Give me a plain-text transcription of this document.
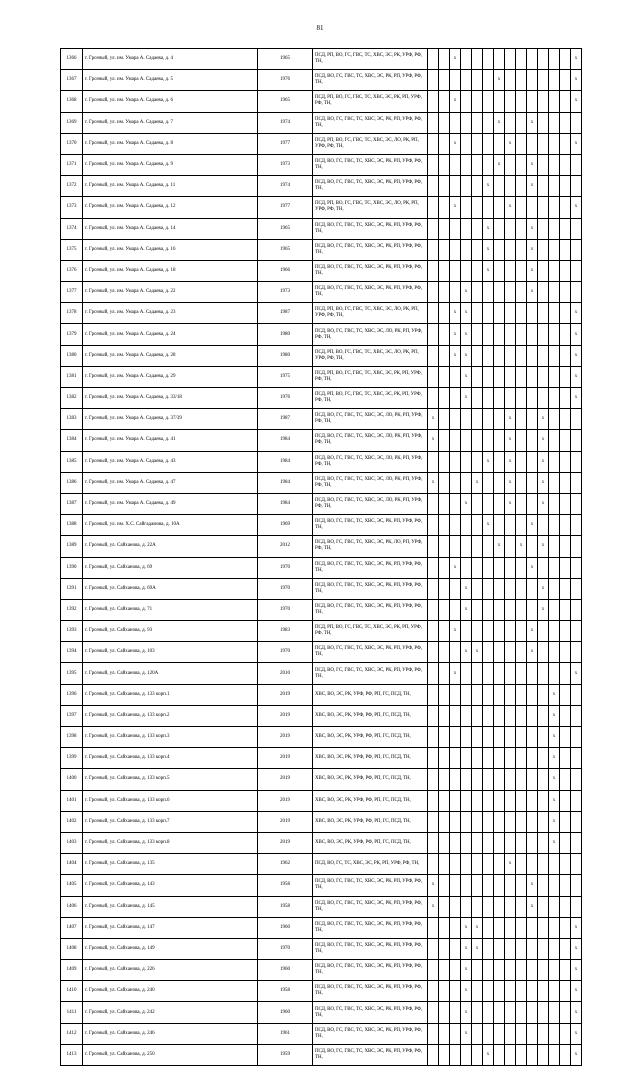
81
1366	г. Грозный, ул. им. Умара А. Садаева, д. 4	1965	ПСД, РП, ВО, ГС, ГВС, ТС, ХВС, ЭС, РК, УРФ, РФ, ТН,			x											x
1367	г. Грозный, ул. им. Умара А. Садаева, д. 5	1976	ПСД, ВО, ГС, ГВС, ТС, ХВС, ЭС, РК, РП, УРФ, РФ, ТН,							x							x
1368	г. Грозный, ул. им. Умара А. Садаева, д. 6	1965	ПСД, РП, ВО, ГС, ГВС, ТС, ХВС, ЭС, РК, РП, УРФ, РФ, ТН,			x											x
1369	г. Грозный, ул. им. Умара А. Садаева, д. 7	1974	ПСД, ВО, ГС, ГВС, ТС, ХВС, ЭС, РК, РП, УРФ, РФ, ТН,							x			x				
1370	г. Грозный, ул. им. Умара А. Садаева, д. 8	1977	ПСД, РП, ВО, ГС, ГВС, ТС, ХВС, ЭС, ЛО, РК, РП, УРФ, РФ, ТН,			x					x						x
1371	г. Грозный, ул. им. Умара А. Садаева, д. 9	1973	ПСД, ВО, ГС, ГВС, ТС, ХВС, ЭС, РК, РП, УРФ, РФ, ТН,							x			x				
1372	г. Грозный, ул. им. Умара А. Садаева, д. 11	1974	ПСД, ВО, ГС, ГВС, ТС, ХВС, ЭС, РК, РП, УРФ, РФ, ТН,						x				x				
1373	г. Грозный, ул. им. Умара А. Садаева, д. 12	1977	ПСД, РП, ВО, ГС, ГВС, ТС, ХВС, ЭС, ЛО, РК, РП, УРФ, РФ, ТН,			x					x						x
1374	г. Грозный, ул. им. Умара А. Садаева, д. 14	1965	ПСД, ВО, ГС, ГВС, ТС, ХВС, ЭС, РК, РП, УРФ, РФ, ТН,						x				x				
1375	г. Грозный, ул. им. Умара А. Садаева, д. 16	1965	ПСД, ВО, ГС, ГВС, ТС, ХВС, ЭС, РК, РП, УРФ, РФ, ТН,						x				x				
1376	г. Грозный, ул. им. Умара А. Садаева, д. 18	1966	ПСД, ВО, ГС, ГВС, ТС, ХВС, ЭС, РК, РП, УРФ, РФ, ТН,						x				x				
1377	г. Грозный, ул. им. Умара А. Садаева, д. 22	1973	ПСД, ВО, ГС, ГВС, ТС, ХВС, ЭС, РК, РП, УРФ, РФ, ТН,				x						x				
1378	г. Грозный, ул. им. Умара А. Садаева, д. 23	1987	ПСД, РП, ВО, ГС, ГВС, ТС, ХВС, ЭС, ЛО, РК, РП, УРФ, РФ, ТН,			x	x										x
1379	г. Грозный, ул. им. Умара А. Садаева, д. 24	1980	ПСД, ВО, ГС, ГВС, ТС, ХВС, ЭС, ЛО, РК, РП, УРФ, РФ, ТН,			x	x										x
1380	г. Грозный, ул. им. Умара А. Садаева, д. 28	1980	ПСД, РП, ВО, ГС, ГВС, ТС, ХВС, ЭС, ЛО, РК, РП, УРФ, РФ, ТН,			x	x										x
1381	г. Грозный, ул. им. Умара А. Садаева, д. 29	1975	ПСД, РП, ВО, ГС, ГВС, ТС, ХВС, ЭС, РК, РП, УРФ, РФ, ТН,				x										x
1382	г. Грозный, ул. им. Умара А. Садаева, д. 33/18	1976	ПСД, РП, ВО, ГС, ГВС, ТС, ХВС, ЭС, РК, РП, УРФ, РФ, ТН,				x										x
1383	г. Грозный, ул. им. Умара А. Садаева, д. 37/39	1987	ПСД, ВО, ГС, ГВС, ТС, ХВС, ЭС, ЛО, РК, РП, УРФ, РФ, ТН,	x							x			x			
1384	г. Грозный, ул. им. Умара А. Садаева, д. 41	1984	ПСД, ВО, ГС, ГВС, ТС, ХВС, ЭС, ЛО, РК, РП, УРФ, РФ, ТН,	x							x			x			
1385	г. Грозный, ул. им. Умара А. Садаева, д. 43	1984	ПСД, ВО, ГС, ГВС, ТС, ХВС, ЭС, ЛО, РК, РП, УРФ, РФ, ТН,						x		x			x			
1386	г. Грозный, ул. им. Умара А. Садаева, д. 47	1984	ПСД, ВО, ГС, ГВС, ТС, ХВС, ЭС, ЛО, РК, РП, УРФ, РФ, ТН,	x				x			x			x			
1387	г. Грозный, ул. им. Умара А. Садаева, д. 49	1984	ПСД, ВО, ГС, ГВС, ТС, ХВС, ЭС, ЛО, РК, РП, УРФ, РФ, ТН,				x				x			x			
1388	г. Грозный, ул. им. Х.С. Сайгадамова, д. 10А	1969	ПСД, ВО, ГС, ГВС, ТС, ХВС, ЭС, РК, РП, УРФ, РФ, ТН,						x				x				
1389	г. Грозный, ул. Сайханова, д. 22А	2012	ПСД, ВО, ГС, ГВС, ТС, ХВС, ЭС, РК, ЛО, РП, УРФ, РФ, ТН,							x		x		x			
1390	г. Грозный, ул. Сайханова, д. 69	1970	ПСД, ВО, ГС, ГВС, ТС, ХВС, ЭС, РК, РП, УРФ, РФ, ТН,			x							x				
1391	г. Грозный, ул. Сайханова, д. 69А	1970	ПСД, ВО, ГС, ГВС, ТС, ХВС, ЭС, РК, РП, УРФ, РФ, ТН,				x							x			
1392	г. Грозный, ул. Сайханова, д. 71	1970	ПСД, ВО, ГС, ГВС, ТС, ХВС, ЭС, РК, РП, УРФ, РФ, ТН,				x							x			
1393	г. Грозный, ул. Сайханова, д. 93	1983	ПСД, РП, ВО, ГС, ГВС, ТС, ХВС, ЭС, РК, РП, УРФ, РФ, ТН,			x							x				
1394	г. Грозный, ул. Сайханова, д. 103	1970	ПСД, ВО, ГС, ГВС, ТС, ХВС, ЭС, РК, РП, УРФ, РФ, ТН,				x	x					x				
1395	г. Грозный, ул. Сайханова, д. 120А	2010	ПСД, ВО, ГС, ГВС, ТС, ХВС, ЭС, РК, РП, УРФ, РФ, ТН,			x											x
1396	г. Грозный, ул. Сайханова, д. 133 корп.1	2019	ХВС, ВО, ЭС, РК, УРФ, РФ, РП, ГС, ПСД, ТН,												x		
1397	г. Грозный, ул. Сайханова, д. 133 корп.2	2019	ХВС, ВО, ЭС, РК, УРФ, РФ, РП, ГС, ПСД, ТН,												x		
1398	г. Грозный, ул. Сайханова, д. 133 корп.3	2019	ХВС, ВО, ЭС, РК, УРФ, РФ, РП, ГС, ПСД, ТН,												x		
1399	г. Грозный, ул. Сайханова, д. 133 корп.4	2019	ХВС, ВО, ЭС, РК, УРФ, РФ, РП, ГС, ПСД, ТН,												x		
1400	г. Грозный, ул. Сайханова, д. 133 корп.5	2019	ХВС, ВО, ЭС, РК, УРФ, РФ, РП, ГС, ПСД, ТН,												x		
1401	г. Грозный, ул. Сайханова, д. 133 корп.6	2019	ХВС, ВО, ЭС, РК, УРФ, РФ, РП, ГС, ПСД, ТН,												x		
1402	г. Грозный, ул. Сайханова, д. 133 корп.7	2019	ХВС, ВО, ЭС, РК, УРФ, РФ, РП, ГС, ПСД, ТН,												x		
1403	г. Грозный, ул. Сайханова, д. 133 корп.8	2019	ХВС, ВО, ЭС, РК, УРФ, РФ, РП, ГС, ПСД, ТН,												x		
1404	г. Грозный, ул. Сайханова, д. 135	1962	ПСД, ВО, ГС, ТС, ХВС, ЭС, РК, РП, УРФ, РФ, ТН,								x						
1405	г. Грозный, ул. Сайханова, д. 143	1958	ПСД, ВО, ГС, ГВС, ТС, ХВС, ЭС, РК, РП, УРФ, РФ, ТН,	x									x				
1406	г. Грозный, ул. Сайханова, д. 145	1958	ПСД, ВО, ГС, ГВС, ТС, ХВС, ЭС, РК, РП, УРФ, РФ, ТН,	x									x				
1407	г. Грозный, ул. Сайханова, д. 147	1960	ПСД, ВО, ГС, ГВС, ТС, ХВС, ЭС, РК, РП, УРФ, РФ, ТН,				x	x									x
1408	г. Грозный, ул. Сайханова, д. 149	1970	ПСД, ВО, ГС, ГВС, ТС, ХВС, ЭС, РК, РП, УРФ, РФ, ТН,				x	x									x
1409	г. Грозный, ул. Сайханова, д. 226	1960	ПСД, ВО, ГС, ГВС, ТС, ХВС, ЭС, РК, РП, УРФ, РФ, ТН,				x										x
1410	г. Грозный, ул. Сайханова, д. 240	1958	ПСД, ВО, ГС, ГВС, ТС, ХВС, ЭС, РК, РП, УРФ, РФ, ТН,				x										x
1411	г. Грозный, ул. Сайханова, д. 242	1960	ПСД, ВО, ГС, ГВС, ТС, ХВС, ЭС, РК, РП, УРФ, РФ, ТН,				x										x
1412	г. Грозный, ул. Сайханова, д. 246	1961	ПСД, ВО, ГС, ГВС, ТС, ХВС, ЭС, РК, РП, УРФ, РФ, ТН,				x										x
1413	г. Грозный, ул. Сайханова, д. 250	1959	ПСД, ВО, ГС, ГВС, ТС, ХВС, ЭС, РК, РП, УРФ, РФ, ТН,						x								x
